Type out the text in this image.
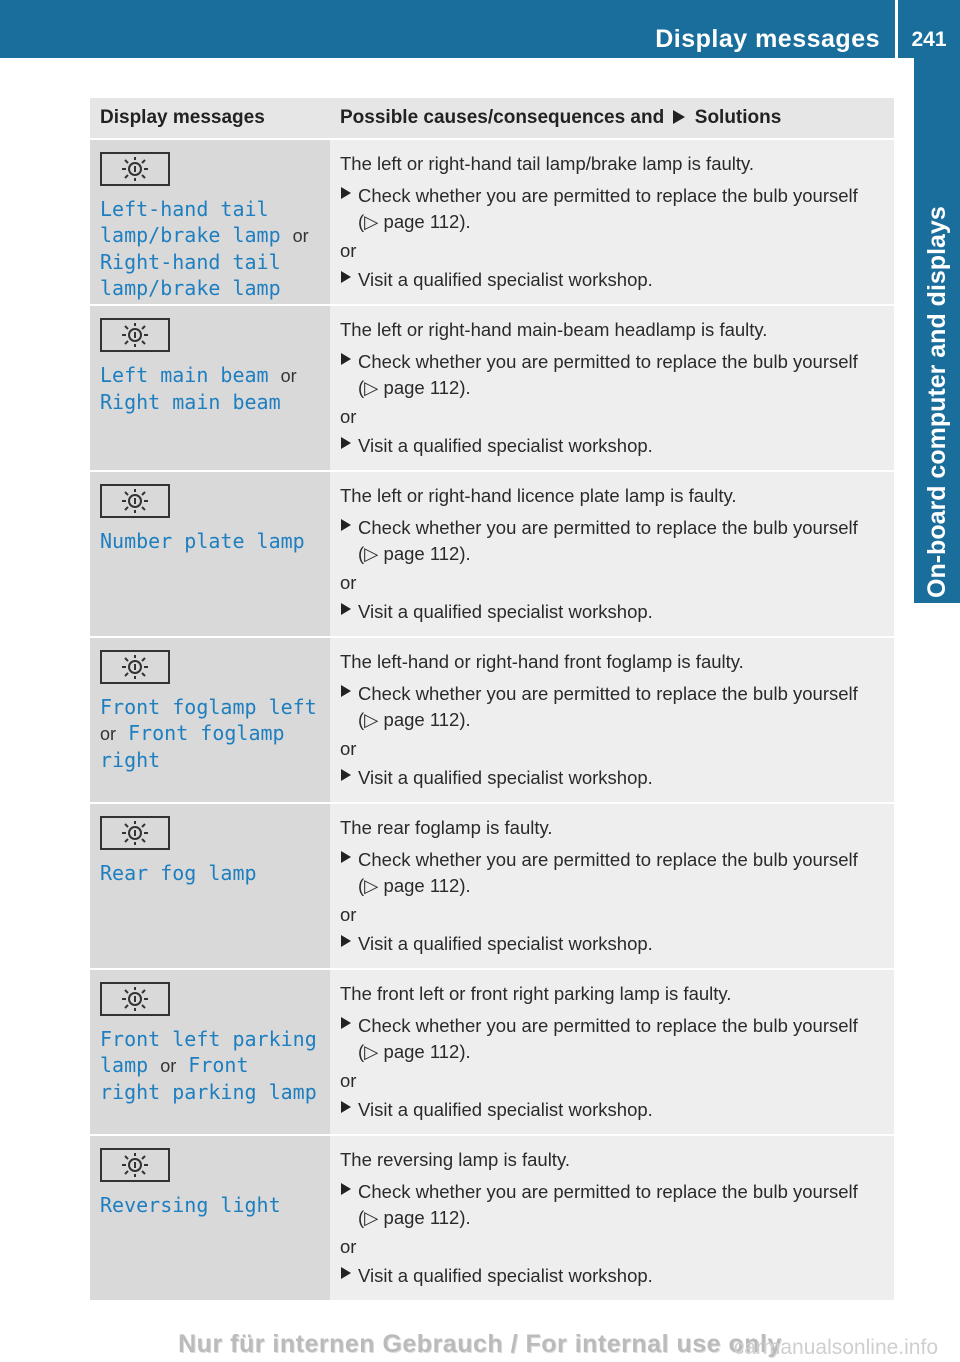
Display messages	241
On-board computer and displays
Display messages	Possible causes/consequences and Solutions

Left-hand tail lamp/brake lamp or Right-hand tail lamp/brake lamp	The left or right-hand tail lamp/brake lamp is faulty.
Check whether you are permitted to replace the bulb yourself
(▷ page 112).
or
Visit a qualified specialist workshop.

Left main beam or Right main beam	The left or right-hand main-beam headlamp is faulty.
Check whether you are permitted to replace the bulb yourself
(▷ page 112).
or
Visit a qualified specialist workshop.

Number plate lamp	The left or right-hand licence plate lamp is faulty.
Check whether you are permitted to replace the bulb yourself
(▷ page 112).
or
Visit a qualified specialist workshop.

Front foglamp left or Front foglamp right	The left-hand or right-hand front foglamp is faulty.
Check whether you are permitted to replace the bulb yourself
(▷ page 112).
or
Visit a qualified specialist workshop.

Rear fog lamp	The rear foglamp is faulty.
Check whether you are permitted to replace the bulb yourself
(▷ page 112).
or
Visit a qualified specialist workshop.

Front left parking lamp or Front right parking lamp	The front left or front right parking lamp is faulty.
Check whether you are permitted to replace the bulb yourself
(▷ page 112).
or
Visit a qualified specialist workshop.

Reversing light	The reversing lamp is faulty.
Check whether you are permitted to replace the bulb yourself
(▷ page 112).
or
Visit a qualified specialist workshop.
Nur für internen Gebrauch / For internal use only
carmanualsonline.info
